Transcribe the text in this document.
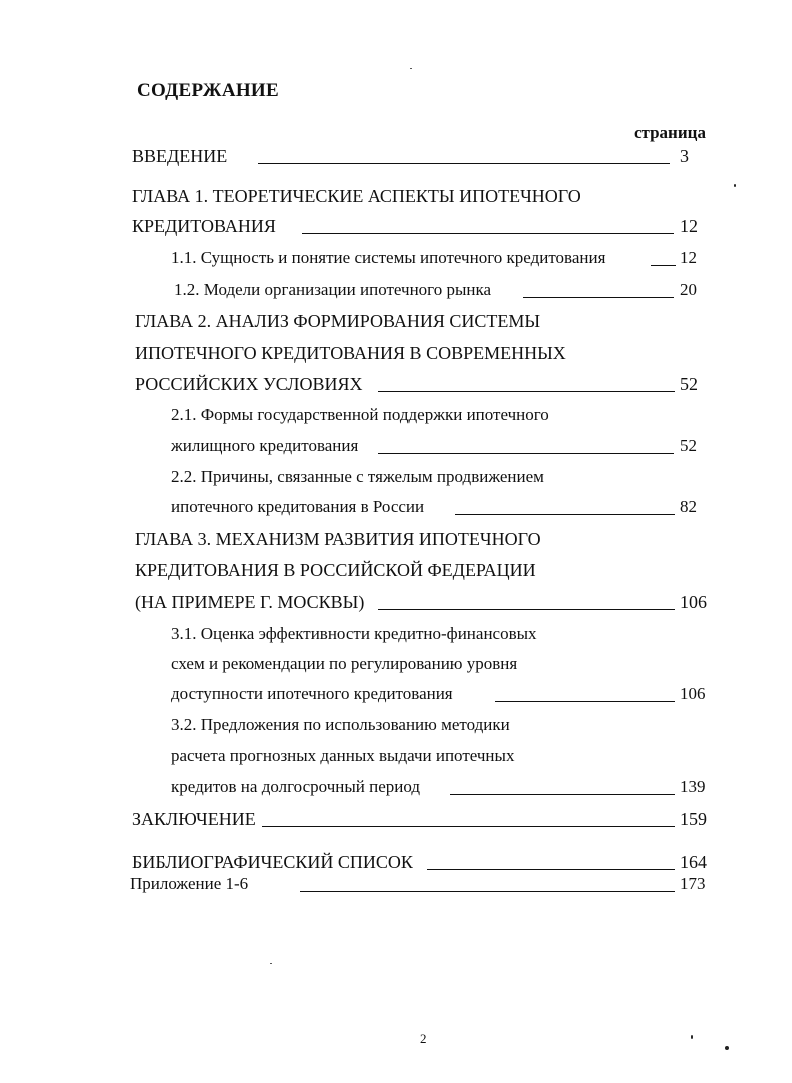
СОДЕРЖАНИЕ
страница
ВВЕДЕНИЕ	3
ГЛАВА 1. ТЕОРЕТИЧЕСКИЕ АСПЕКТЫ ИПОТЕЧНОГО
КРЕДИТОВАНИЯ	12
1.1. Сущность и понятие системы ипотечного кредитования	12
1.2. Модели организации ипотечного рынка	20
ГЛАВА 2. АНАЛИЗ ФОРМИРОВАНИЯ СИСТЕМЫ
ИПОТЕЧНОГО КРЕДИТОВАНИЯ В СОВРЕМЕННЫХ
РОССИЙСКИХ УСЛОВИЯХ	52
2.1. Формы государственной поддержки ипотечного
жилищного кредитования	52
2.2. Причины, связанные с тяжелым продвижением
ипотечного кредитования в России	82
ГЛАВА 3. МЕХАНИЗМ РАЗВИТИЯ ИПОТЕЧНОГО
КРЕДИТОВАНИЯ В РОССИЙСКОЙ ФЕДЕРАЦИИ
(НА ПРИМЕРЕ Г. МОСКВЫ)	106
3.1. Оценка эффективности кредитно-финансовых
схем и рекомендации по регулированию уровня
доступности ипотечного кредитования	106
3.2. Предложения по использованию методики
расчета прогнозных данных выдачи ипотечных
кредитов на долгосрочный период	139
ЗАКЛЮЧЕНИЕ	159
БИБЛИОГРАФИЧЕСКИЙ СПИСОК	164
Приложение 1-6	173
2
